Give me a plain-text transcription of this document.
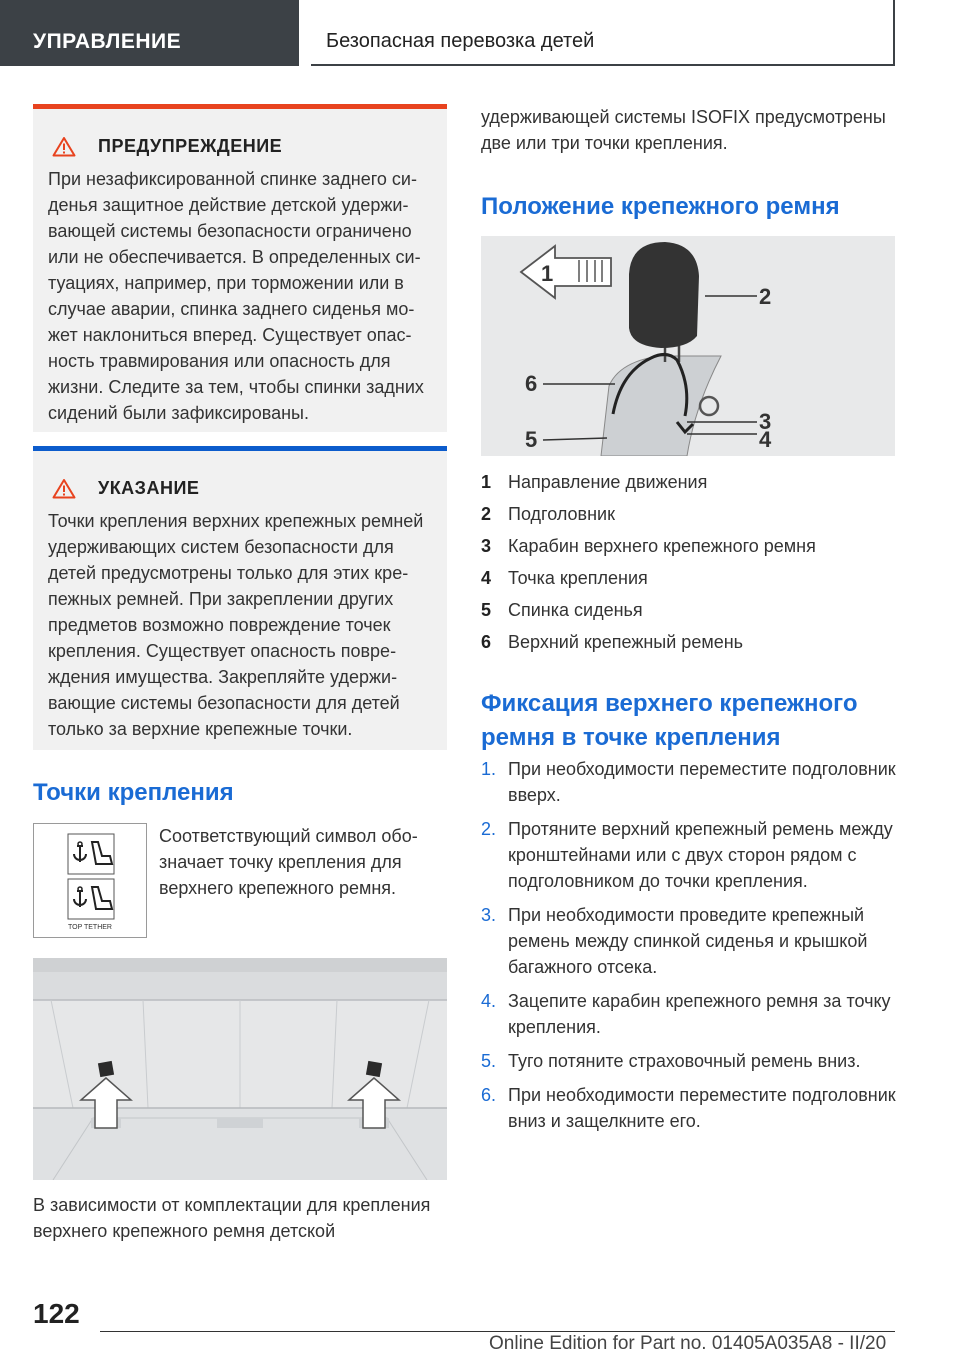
УПРАВЛЕНИЕ	Безопасная перевозка детей
ПРЕДУПРЕЖДЕНИЕ
При незафиксированной спинке заднего сиденья защитное действие детской удерживающей системы безопасности ограничено или не обеспечивается. В определенных ситуациях, например, при торможении или в случае аварии, спинка заднего сиденья может наклониться вперед. Существует опасность травмирования или опасность для жизни. Следите за тем, чтобы спинки задних сидений были зафиксированы.
УКАЗАНИЕ
Точки крепления верхних крепежных ремней удерживающих систем безопасности для детей предусмотрены только для этих крепежных ремней. При закреплении других предметов возможно повреждение точек крепления. Существует опасность повреждения имущества. Закрепляйте удерживающие системы безопасности для детей только за верхние крепежные точки.
Точки крепления
TOP TETHER
Соответствующий символ обозначает точку крепления для верхнего крепежного ремня.
В зависимости от комплектации для крепления верхнего крепежного ремня детской
удерживающей системы ISOFIX предусмотрены две или три точки крепления.
Положение крепежного ремня
1
2
3
4
5
6
1 Направление движения
2 Подголовник
3 Карабин верхнего крепежного ремня
4 Точка крепления
5 Спинка сиденья
6 Верхний крепежный ремень
Фиксация верхнего крепежного ремня в точке крепления
1. При необходимости переместите подголовник вверх.
2. Протяните верхний крепежный ремень между кронштейнами или с двух сторон рядом с подголовником до точки крепления.
3. При необходимости проведите крепежный ремень между спинкой сиденья и крышкой багажного отсека.
4. Зацепите карабин крепежного ремня за точку крепления.
5. Туго потяните страховочный ремень вниз.
6. При необходимости переместите подголовник вниз и защелкните его.
122
Online Edition for Part no. 01405A035A8 - II/20
